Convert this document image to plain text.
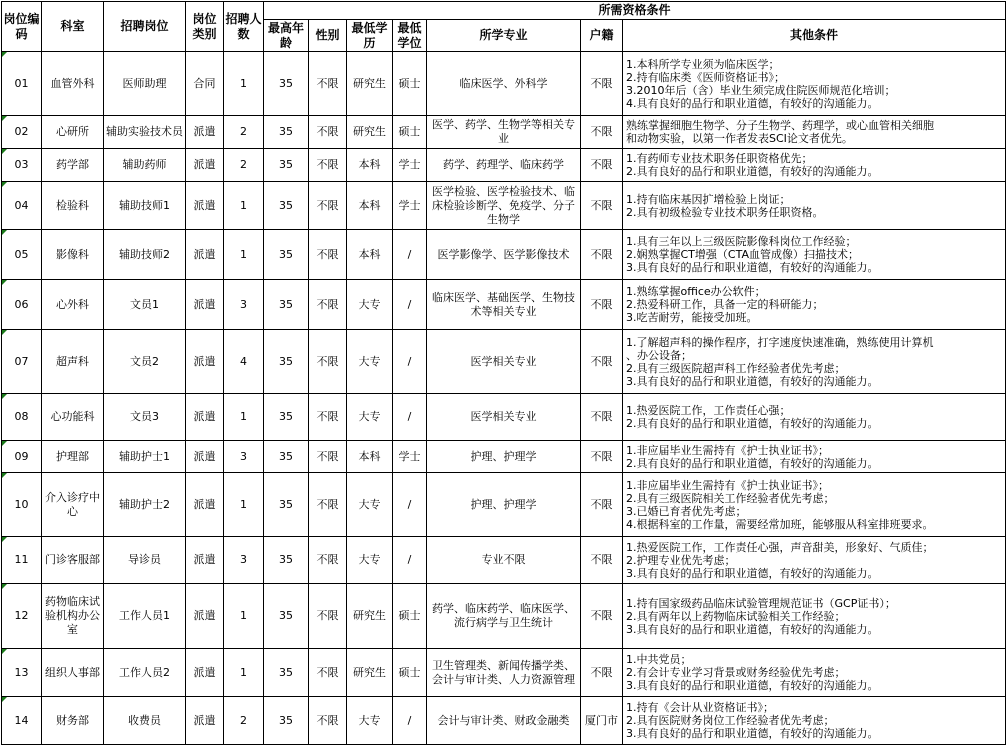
岗位编码	科室	招聘岗位	岗位类别	招聘人数	所需资格条件						
					最高年龄	性别	最低学历	最低学位	所学专业	户籍	其他条件
01	血管外科	医师助理	合同	1	35	不限	研究生	硕士	临床医学、外科学	不限	1.本科所学专业须为临床医学；
2.持有临床类《医师资格证书》；
3.2010年后（含）毕业生须完成住院医师规范化培训；
4.具有良好的品行和职业道德，有较好的沟通能力。

02	心研所	辅助实验技术员	派遣	2	35	不限	研究生	硕士	医学、药学、生物学等相关专业	不限	熟练掌握细胞生物学、分子生物学、药理学，或心血管相关细胞
和动物实验，以第一作者发表SCI论文者优先。

03	药学部	辅助药师	派遣	2	35	不限	本科	学士	药学、药理学、临床药学	不限	1.有药师专业技术职务任职资格优先；
2.具有良好的品行和职业道德，有较好的沟通能力。

04	检验科	辅助技师1	派遣	1	35	不限	本科	学士	医学检验、医学检验技术、临床检验诊断学、免疫学、分子生物学	不限	1.持有临床基因扩增检验上岗证；
2.具有初级检验专业技术职务任职资格。

05	影像科	辅助技师2	派遣	1	35	不限	本科	/	医学影像学、医学影像技术	不限	1.具有三年以上三级医院影像科岗位工作经验；
2.娴熟掌握CT增强（CTA血管成像）扫描技术；
3.具有良好的品行和职业道德，有较好的沟通能力。

06	心外科	文员1	派遣	3	35	不限	大专	/	临床医学、基础医学、生物技术等相关专业	不限	1.熟练掌握office办公软件；
2.热爱科研工作，具备一定的科研能力；
3.吃苦耐劳，能接受加班。

07	超声科	文员2	派遣	4	35	不限	大专	/	医学相关专业	不限	1.了解超声科的操作程序，打字速度快速准确，熟练使用计算机
、办公设备；
2.具有三级医院超声科工作经验者优先考虑；
3.具有良好的品行和职业道德，有较好的沟通能力。

08	心功能科	文员3	派遣	1	35	不限	大专	/	医学相关专业	不限	1.热爱医院工作，工作责任心强；
2.具有良好的品行和职业道德，有较好的沟通能力。

09	护理部	辅助护士1	派遣	3	35	不限	本科	学士	护理、护理学	不限	1.非应届毕业生需持有《护士执业证书》；
2.具有良好的品行和职业道德，有较好的沟通能力。

10	介入诊疗中心	辅助护士2	派遣	1	35	不限	大专	/	护理、护理学	不限	1.非应届毕业生需持有《护士执业证书》；
2.具有三级医院相关工作经验者优先考虑；
3.已婚已育者优先考虑；
4.根据科室的工作量，需要经常加班，能够服从科室排班要求。

11	门诊客服部	导诊员	派遣	3	35	不限	大专	/	专业不限	不限	1.热爱医院工作，工作责任心强，声音甜美，形象好、气质佳；
2.护理专业优先考虑；
3.具有良好的品行和职业道德，有较好的沟通能力。

12	药物临床试验机构办公室	工作人员1	派遣	1	35	不限	研究生	硕士	药学、临床药学、临床医学、流行病学与卫生统计	不限	1.持有国家级药品临床试验管理规范证书（GCP证书）；
2.具有两年以上药物临床试验相关工作经验；
3.具有良好的品行和职业道德，有较好的沟通能力。

13	组织人事部	工作人员2	派遣	1	35	不限	研究生	硕士	卫生管理类、新闻传播学类、会计与审计类、人力资源管理	不限	1.中共党员；
2.有会计专业学习背景或财务经验优先考虑；
3.具有良好的品行和职业道德，有较好的沟通能力。

14	财务部	收费员	派遣	2	35	不限	大专	/	会计与审计类、财政金融类	厦门市	1.持有《会计从业资格证书》；
2.具有医院财务岗位工作经验者优先考虑；
3.具有良好的品行和职业道德，有较好的沟通能力。
